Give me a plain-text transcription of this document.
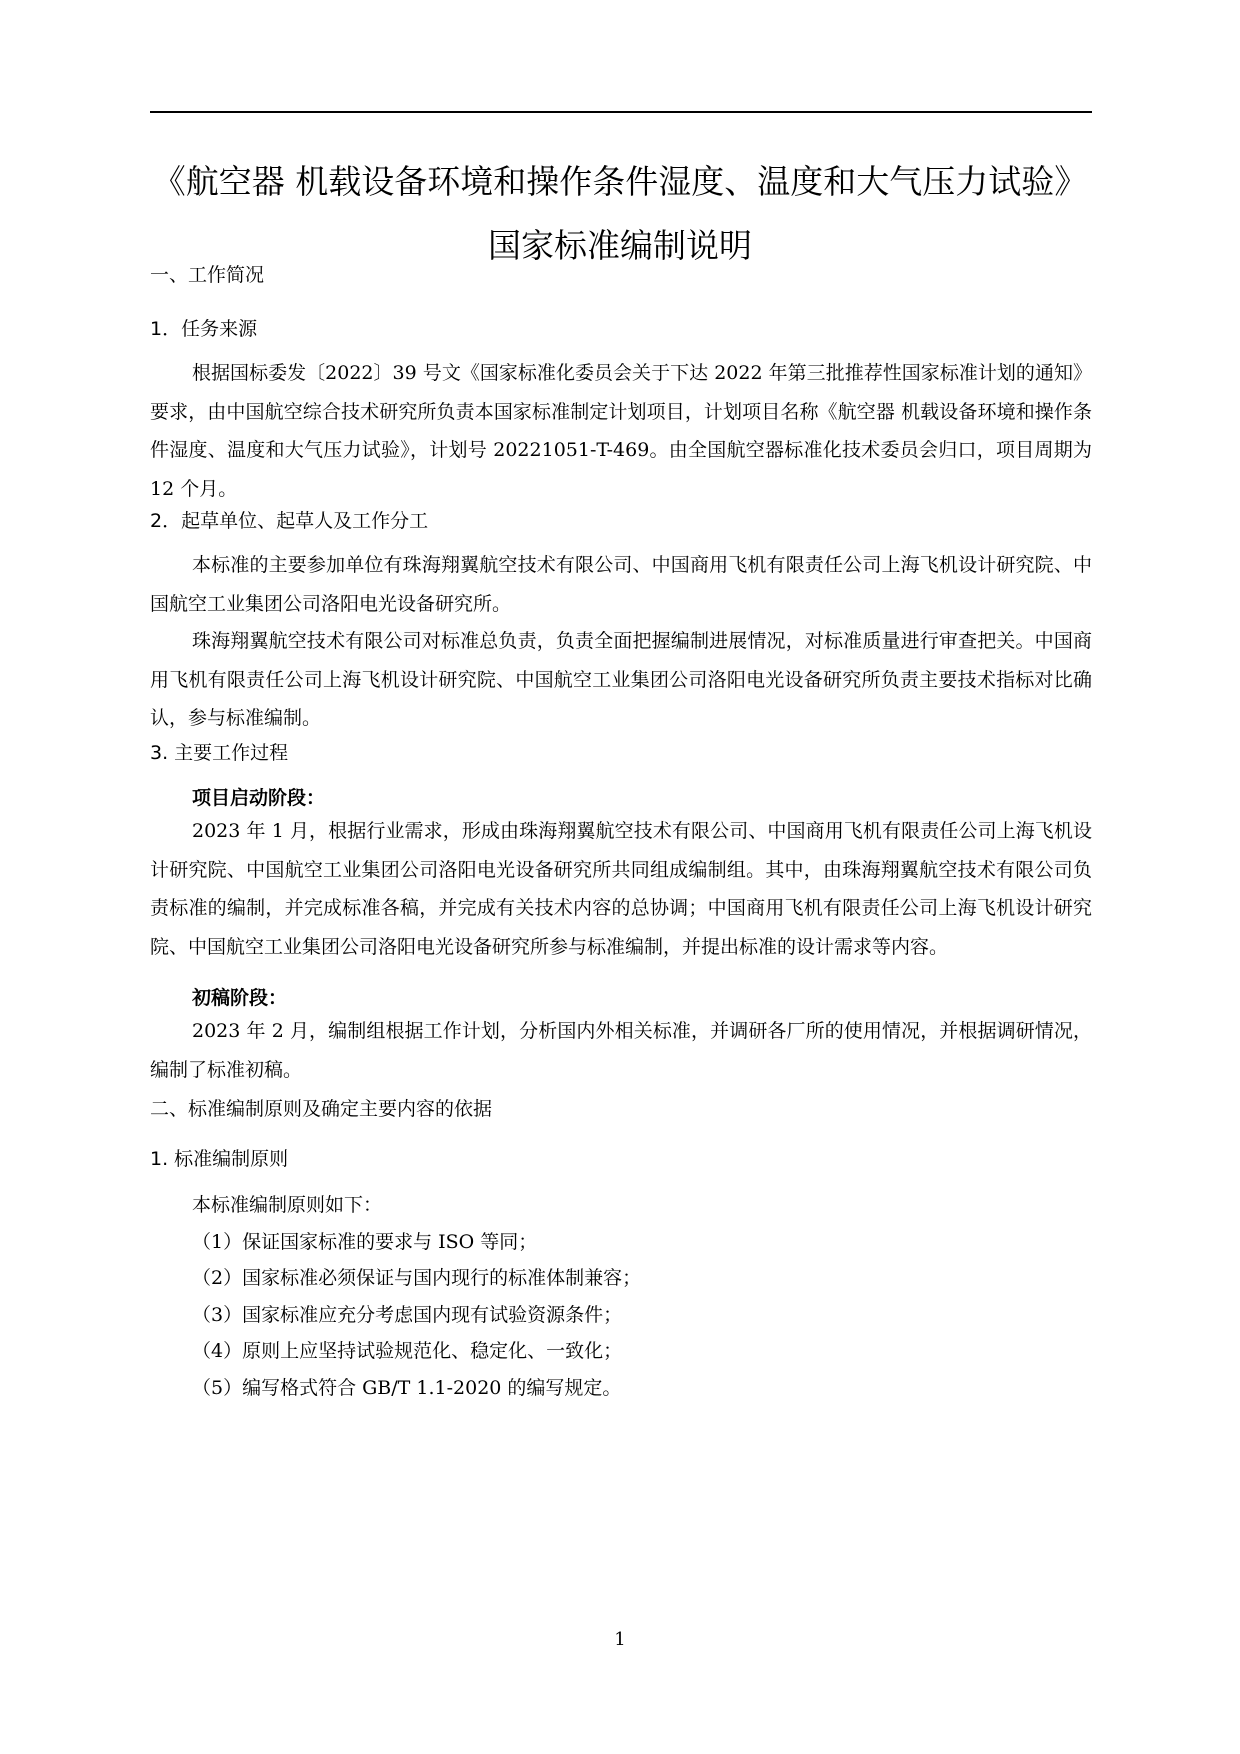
《航空器 机载设备环境和操作条件湿度、温度和大气压力试验》
国家标准编制说明
一、工作简况
1．任务来源
根据国标委发〔2022〕39 号文《国家标准化委员会关于下达 2022 年第三批推荐性国家标准计划的通知》要求，由中国航空综合技术研究所负责本国家标准制定计划项目，计划项目名称《航空器 机载设备环境和操作条件湿度、温度和大气压力试验》，计划号 20221051-T-469。由全国航空器标准化技术委员会归口，项目周期为 12 个月。
2．起草单位、起草人及工作分工
本标准的主要参加单位有珠海翔翼航空技术有限公司、中国商用飞机有限责任公司上海飞机设计研究院、中国航空工业集团公司洛阳电光设备研究所。
珠海翔翼航空技术有限公司对标准总负责，负责全面把握编制进展情况，对标准质量进行审查把关。中国商用飞机有限责任公司上海飞机设计研究院、中国航空工业集团公司洛阳电光设备研究所负责主要技术指标对比确认，参与标准编制。
3. 主要工作过程
项目启动阶段：
2023 年 1 月，根据行业需求，形成由珠海翔翼航空技术有限公司、中国商用飞机有限责任公司上海飞机设计研究院、中国航空工业集团公司洛阳电光设备研究所共同组成编制组。其中，由珠海翔翼航空技术有限公司负责标准的编制，并完成标准各稿，并完成有关技术内容的总协调；中国商用飞机有限责任公司上海飞机设计研究院、中国航空工业集团公司洛阳电光设备研究所参与标准编制，并提出标准的设计需求等内容。
初稿阶段：
2023 年 2 月，编制组根据工作计划，分析国内外相关标准，并调研各厂所的使用情况，并根据调研情况，编制了标准初稿。
二、标准编制原则及确定主要内容的依据
1. 标准编制原则
本标准编制原则如下：
（1）保证国家标准的要求与 ISO 等同；
（2）国家标准必须保证与国内现行的标准体制兼容；
（3）国家标准应充分考虑国内现有试验资源条件；
（4）原则上应坚持试验规范化、稳定化、一致化；
（5）编写格式符合 GB/T 1.1-2020 的编写规定。
1
